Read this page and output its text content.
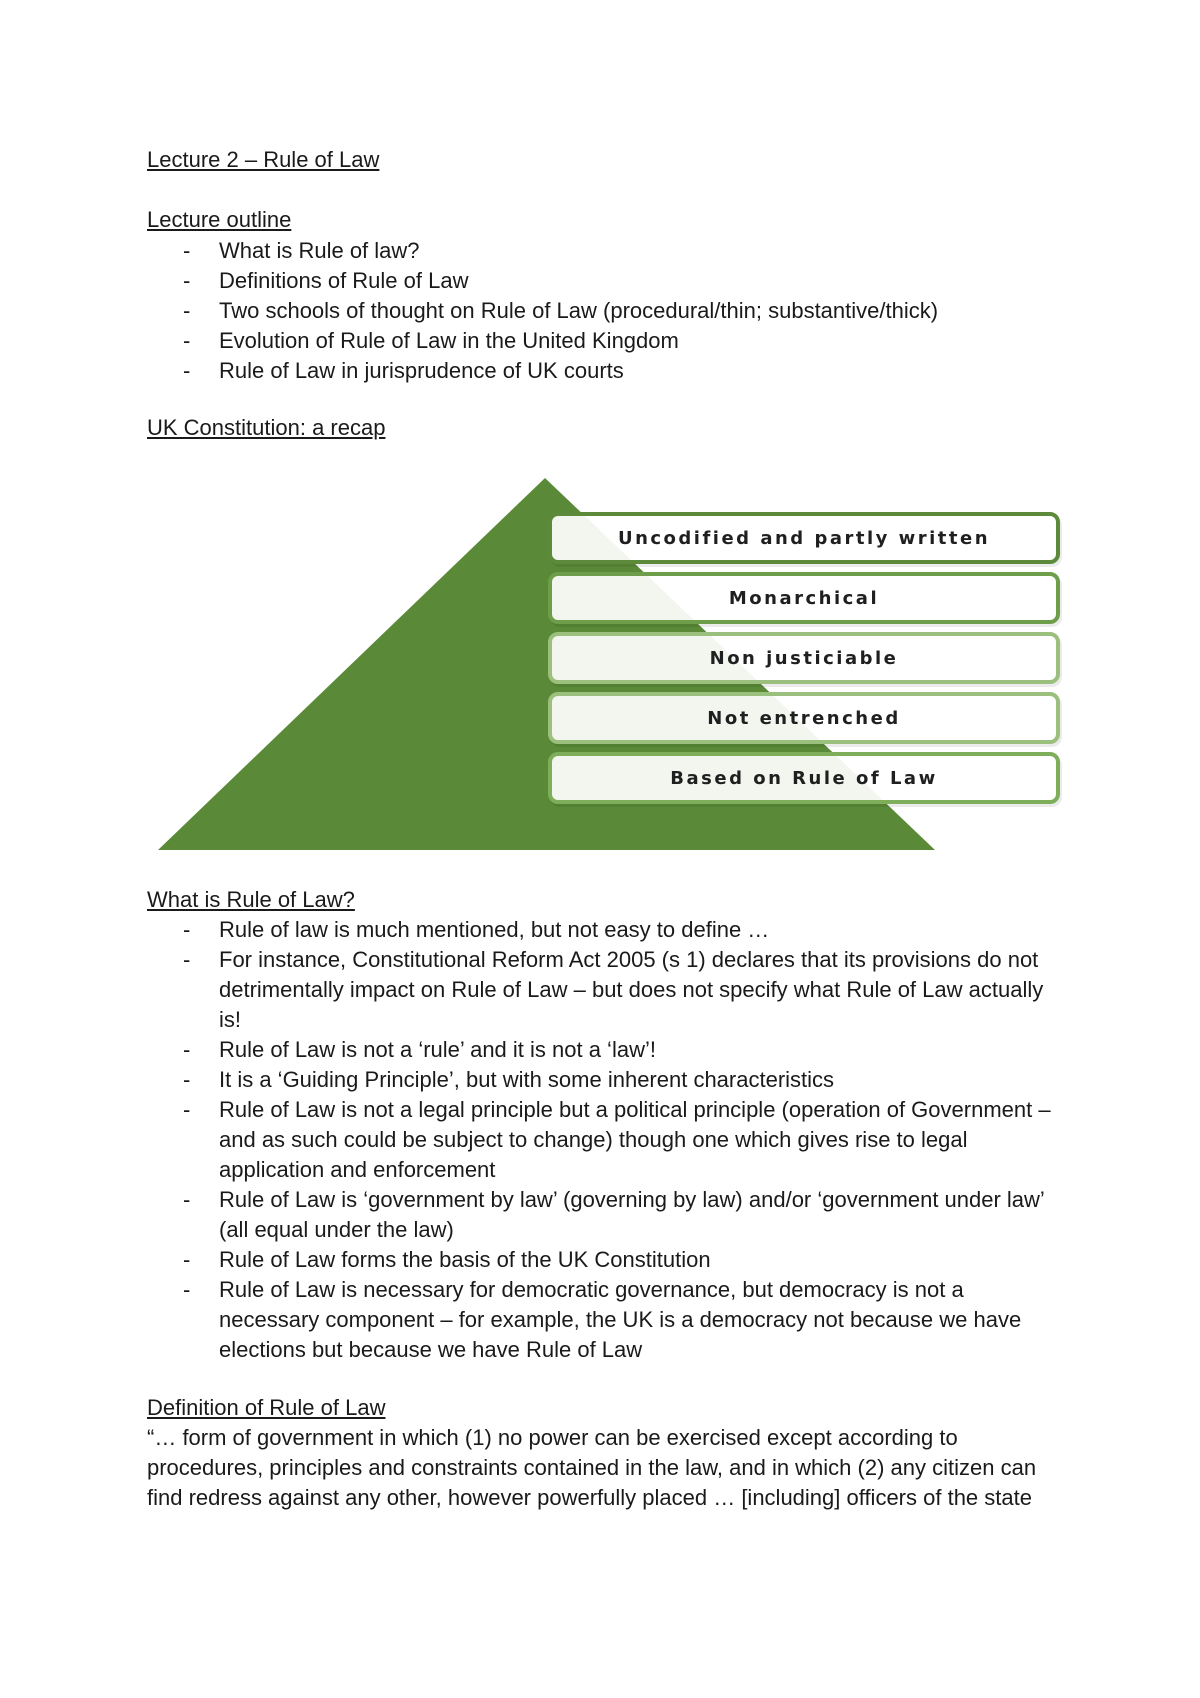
Lecture 2 – Rule of Law
Lecture outline
- What is Rule of law?
- Definitions of Rule of Law
- Two schools of thought on Rule of Law (procedural/thin; substantive/thick)
- Evolution of Rule of Law in the United Kingdom
- Rule of Law in jurisprudence of UK courts
UK Constitution: a recap
Uncodified and partly written
Monarchical
Non justiciable
Not entrenched
Based on Rule of Law
What is Rule of Law?
- Rule of law is much mentioned, but not easy to define …
- For instance, Constitutional Reform Act 2005 (s 1) declares that its provisions do not detrimentally impact on Rule of Law – but does not specify what Rule of Law actually is!
- Rule of Law is not a ‘rule’ and it is not a ‘law’!
- It is a ‘Guiding Principle’, but with some inherent characteristics
- Rule of Law is not a legal principle but a political principle (operation of Government – and as such could be subject to change) though one which gives rise to legal application and enforcement
- Rule of Law is ‘government by law’ (governing by law) and/or ‘government under law’ (all equal under the law)
- Rule of Law forms the basis of the UK Constitution
- Rule of Law is necessary for democratic governance, but democracy is not a necessary component – for example, the UK is a democracy not because we have elections but because we have Rule of Law
Definition of Rule of Law

“… form of government in which (1) no power can be exercised except according to procedures, principles and constraints contained in the law, and in which (2) any citizen can find redress against any other, however powerfully placed … [including] officers of the state
